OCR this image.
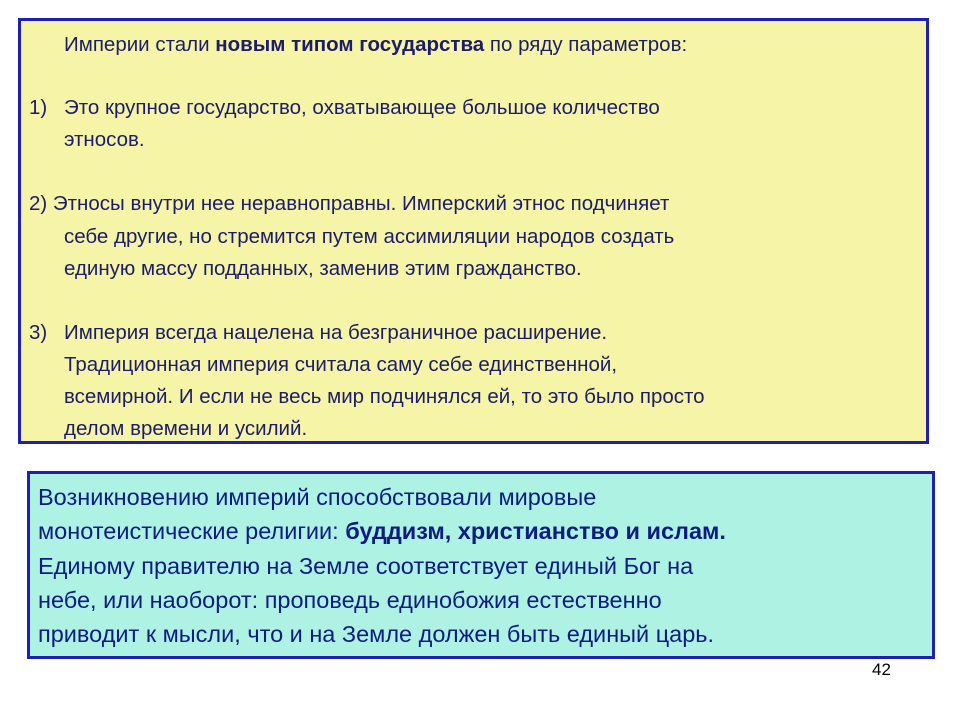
Империи стали новым типом государства по ряду параметров:
1) Это крупное государство, охватывающее большое количество
этносов.
2) Этносы внутри нее неравноправны. Имперский этнос подчиняет
себе другие, но стремится путем ассимиляции народов создать
единую массу подданных, заменив этим гражданство.
3) Империя всегда нацелена на безграничное расширение.
Традиционная империя считала саму себе единственной,
всемирной. И если не весь мир подчинялся ей, то это было просто
делом времени и усилий.
Возникновению империй способствовали мировые
монотеистические религии: буддизм, христианство и ислам.
Единому правителю на Земле соответствует единый Бог на
небе, или наоборот: проповедь единобожия естественно
приводит к мысли, что и на Земле должен быть единый царь.
42
